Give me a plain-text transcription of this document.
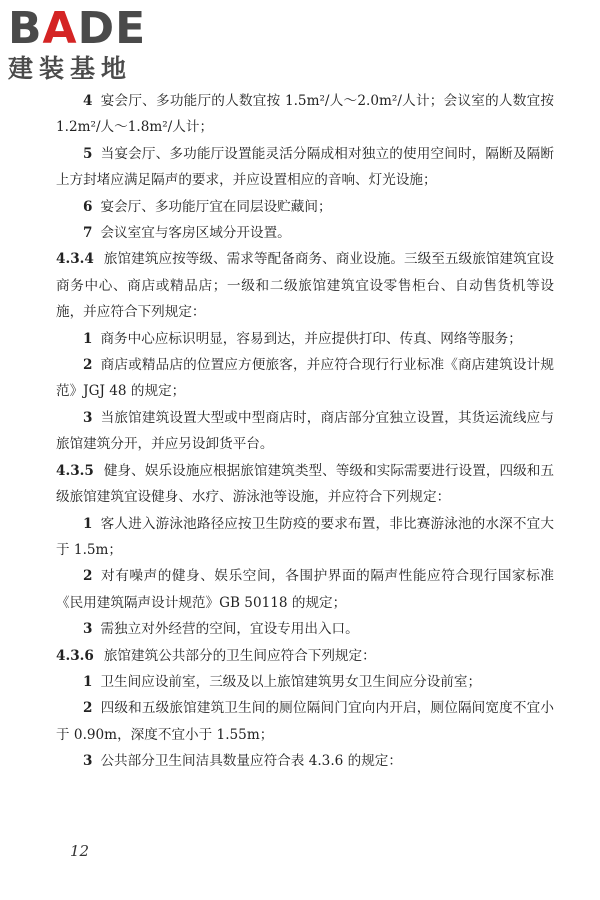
BADE
建装基地

4 宴会厅、多功能厅的人数宜按 1.5m²/人～2.0m²/人计；会议室的人数宜按 1.2m²/人～1.8m²/人计；

5 当宴会厅、多功能厅设置能灵活分隔成相对独立的使用空间时，隔断及隔断上方封堵应满足隔声的要求，并应设置相应的音响、灯光设施；

6 宴会厅、多功能厅宜在同层设贮藏间；

7 会议室宜与客房区域分开设置。

4.3.4 旅馆建筑应按等级、需求等配备商务、商业设施。三级至五级旅馆建筑宜设商务中心、商店或精品店；一级和二级旅馆建筑宜设零售柜台、自动售货机等设施，并应符合下列规定：

1 商务中心应标识明显，容易到达，并应提供打印、传真、网络等服务；

2 商店或精品店的位置应方便旅客，并应符合现行行业标准《商店建筑设计规范》JGJ 48 的规定；

3 当旅馆建筑设置大型或中型商店时，商店部分宜独立设置，其货运流线应与旅馆建筑分开，并应另设卸货平台。

4.3.5 健身、娱乐设施应根据旅馆建筑类型、等级和实际需要进行设置，四级和五级旅馆建筑宜设健身、水疗、游泳池等设施，并应符合下列规定：

1 客人进入游泳池路径应按卫生防疫的要求布置，非比赛游泳池的水深不宜大于 1.5m；

2 对有噪声的健身、娱乐空间，各围护界面的隔声性能应符合现行国家标准《民用建筑隔声设计规范》GB 50118 的规定；

3 需独立对外经营的空间，宜设专用出入口。

4.3.6 旅馆建筑公共部分的卫生间应符合下列规定：

1 卫生间应设前室，三级及以上旅馆建筑男女卫生间应分设前室；

2 四级和五级旅馆建筑卫生间的厕位隔间门宜向内开启，厕位隔间宽度不宜小于 0.90m，深度不宜小于 1.55m；

3 公共部分卫生间洁具数量应符合表 4.3.6 的规定：

12
